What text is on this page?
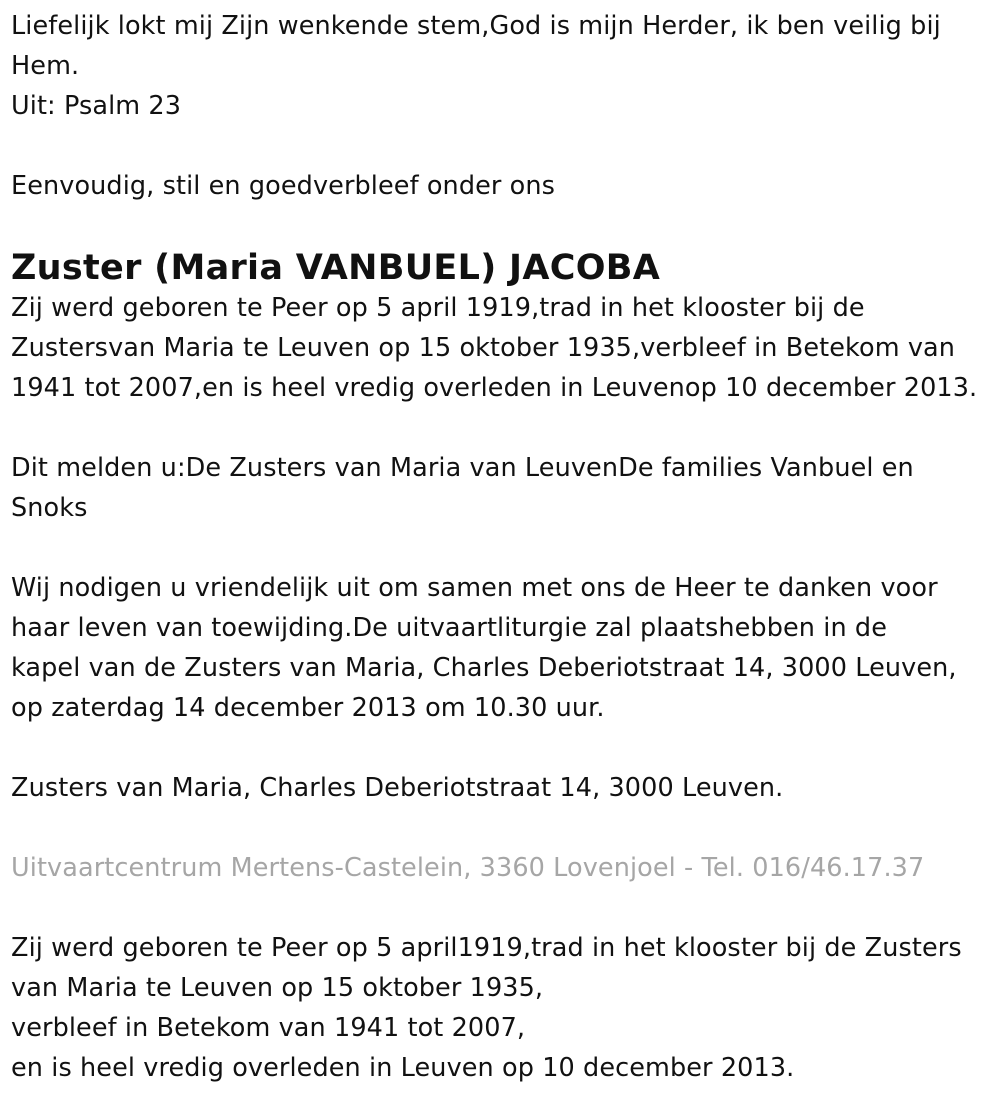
Liefelijk lokt mij Zijn wenkende stem,God is mijn Herder, ik ben veilig bij
Hem.
Uit: Psalm 23
Eenvoudig, stil en goedverbleef onder ons
Zuster (Maria VANBUEL) JACOBA
Zij werd geboren te Peer op 5 april 1919,trad in het klooster bij de
Zustersvan Maria te Leuven op 15 oktober 1935,verbleef in Betekom van
1941 tot 2007,en is heel vredig overleden in Leuvenop 10 december 2013.
Dit melden u:De Zusters van Maria van LeuvenDe families Vanbuel en
Snoks
Wij nodigen u vriendelijk uit om samen met ons de Heer te danken voor
haar leven van toewijding.De uitvaartliturgie zal plaatshebben in de
kapel van de Zusters van Maria, Charles Deberiotstraat 14, 3000 Leuven,
op zaterdag 14 december 2013 om 10.30 uur.
Zusters van Maria, Charles Deberiotstraat 14, 3000 Leuven.
Uitvaartcentrum Mertens-Castelein, 3360 Lovenjoel - Tel. 016/46.17.37
Zij werd geboren te Peer op 5 april1919,trad in het klooster bij de Zusters
van Maria te Leuven op 15 oktober 1935,
verbleef in Betekom van 1941 tot 2007,
en is heel vredig overleden in Leuven op 10 december 2013.
